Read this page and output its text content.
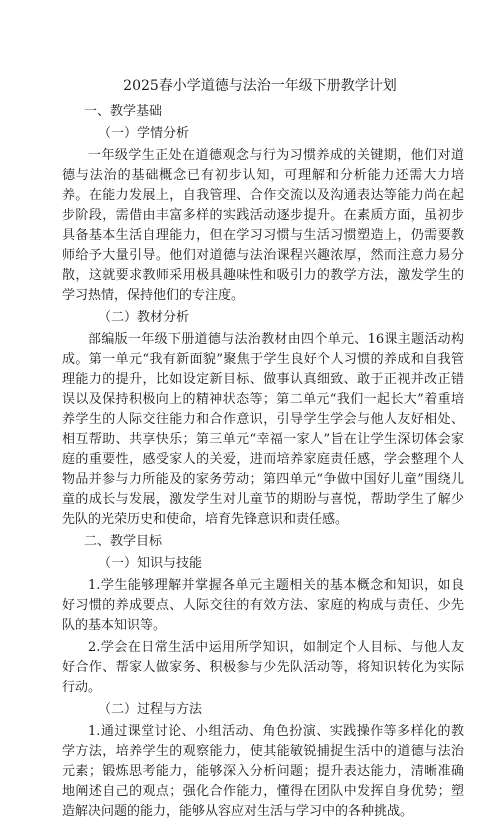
2025春小学道德与法治一年级下册教学计划
一、教学基础
（一）学情分析
一年级学生正处在道德观念与行为习惯养成的关键期，他们对道德与法治的基础概念已有初步认知，可理解和分析能力还需大力培养。在能力发展上，自我管理、合作交流以及沟通表达等能力尚在起步阶段，需借由丰富多样的实践活动逐步提升。在素质方面，虽初步具备基本生活自理能力，但在学习习惯与生活习惯塑造上，仍需要教师给予大量引导。他们对道德与法治课程兴趣浓厚，然而注意力易分散，这就要求教师采用极具趣味性和吸引力的教学方法，激发学生的学习热情，保持他们的专注度。
（二）教材分析
部编版一年级下册道德与法治教材由四个单元、16课主题活动构成。第一单元“我有新面貌”聚焦于学生良好个人习惯的养成和自我管理能力的提升，比如设定新目标、做事认真细致、敢于正视并改正错误以及保持积极向上的精神状态等；第二单元“我们一起长大”着重培养学生的人际交往能力和合作意识，引导学生学会与他人友好相处、相互帮助、共享快乐；第三单元“幸福一家人”旨在让学生深切体会家庭的重要性，感受家人的关爱，进而培养家庭责任感，学会整理个人物品并参与力所能及的家务劳动；第四单元“争做中国好儿童”围绕儿童的成长与发展，激发学生对儿童节的期盼与喜悦，帮助学生了解少先队的光荣历史和使命，培育先锋意识和责任感。
二、教学目标
（一）知识与技能
1.学生能够理解并掌握各单元主题相关的基本概念和知识，如良好习惯的养成要点、人际交往的有效方法、家庭的构成与责任、少先队的基本知识等。
2.学会在日常生活中运用所学知识，如制定个人目标、与他人友好合作、帮家人做家务、积极参与少先队活动等，将知识转化为实际行动。
（二）过程与方法
1.通过课堂讨论、小组活动、角色扮演、实践操作等多样化的教学方法，培养学生的观察能力，使其能敏锐捕捉生活中的道德与法治元素；锻炼思考能力，能够深入分析问题；提升表达能力，清晰准确地阐述自己的观点；强化合作能力，懂得在团队中发挥自身优势；塑造解决问题的能力，能够从容应对生活与学习中的各种挑战。
